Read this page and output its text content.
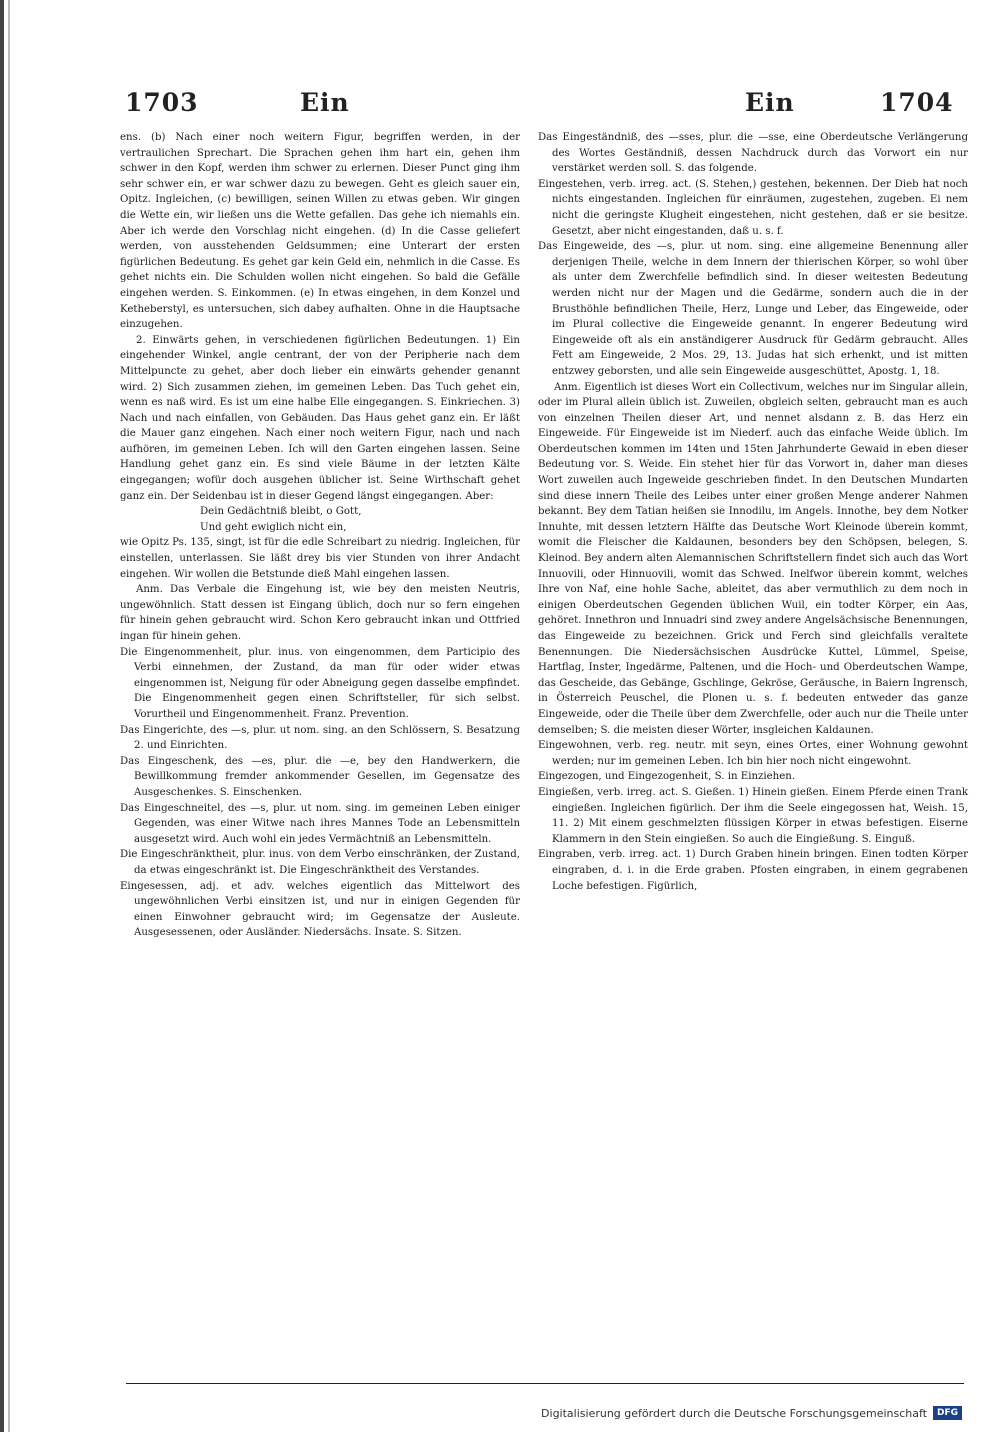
1703	Ein	Ein	1704

ens. (b) Nach einer noch weitern Figur, begriffen werden, in der vertraulichen Sprechart. Die Sprachen gehen ihm hart ein, gehen ihm schwer in den Kopf, werden ihm schwer zu erlernen. Dieser Punct ging ihm sehr schwer ein, er war schwer dazu zu bewegen. Geht es gleich sauer ein, Opitz. Ingleichen, (c) bewilligen, seinen Willen zu etwas geben. Wir gingen die Wette ein, wir ließen uns die Wette gefallen. Das gehe ich niemahls ein. Aber ich werde den Vorschlag nicht eingehen. (d) In die Casse geliefert werden, von ausstehenden Geldsummen; eine Unterart der ersten figürlichen Bedeutung. Es gehet gar kein Geld ein, nehmlich in die Casse. Es gehet nichts ein. Die Schulden wollen nicht eingehen. So bald die Gefälle eingehen werden. S. Einkommen. (e) In etwas eingehen, in dem Konzel und Ketheberstyl, es untersuchen, sich dabey aufhalten. Ohne in die Hauptsache einzugehen.

2. Einwärts gehen, in verschiedenen figürlichen Bedeutungen. 1) Ein eingehender Winkel, angle centrant, der von der Peripherie nach dem Mittelpuncte zu gehet, aber doch lieber ein einwärts gehender genannt wird. 2) Sich zusammen ziehen, im gemeinen Leben. Das Tuch gehet ein, wenn es naß wird. Es ist um eine halbe Elle eingegangen. S. Einkriechen. 3) Nach und nach einfallen, von Gebäuden. Das Haus gehet ganz ein. Er läßt die Mauer ganz eingehen. Nach einer noch weitern Figur, nach und nach aufhören, im gemeinen Leben. Ich will den Garten eingehen lassen. Seine Handlung gehet ganz ein. Es sind viele Bäume in der letzten Kälte eingegangen; wofür doch ausgehen üblicher ist. Seine Wirthschaft gehet ganz ein. Der Seidenbau ist in dieser Gegend längst eingegangen. Aber:

Dein Gedächtniß bleibt, o Gott,
Und geht ewiglich nicht ein,

wie Opitz Ps. 135, singt, ist für die edle Schreibart zu niedrig. Ingleichen, für einstellen, unterlassen. Sie läßt drey bis vier Stunden von ihrer Andacht eingehen. Wir wollen die Betstunde dieß Mahl eingehen lassen.

Anm. Das Verbale die Eingehung ist, wie bey den meisten Neutris, ungewöhnlich. Statt dessen ist Eingang üblich, doch nur so fern eingehen für hinein gehen gebraucht wird. Schon Kero gebraucht inkan und Ottfried ingan für hinein gehen.

Die Eingenommenheit, plur. inus. von eingenommen, dem Participio des Verbi einnehmen, der Zustand, da man für oder wider etwas eingenommen ist, Neigung für oder Abneigung gegen dasselbe empfindet. Die Eingenommenheit gegen einen Schriftsteller, für sich selbst. Vorurtheil und Eingenommenheit. Franz. Prevention.

Das Eingerichte, des —s, plur. ut nom. sing. an den Schlössern, S. Besatzung 2. und Einrichten.

Das Eingeschenk, des —es, plur. die —e, bey den Handwerkern, die Bewillkommung fremder ankommender Gesellen, im Gegensatze des Ausgeschenkes. S. Einschenken.

Das Eingeschneitel, des —s, plur. ut nom. sing. im gemeinen Leben einiger Gegenden, was einer Witwe nach ihres Mannes Tode an Lebensmitteln ausgesetzt wird. Auch wohl ein jedes Vermächtniß an Lebensmitteln.

Die Eingeschränktheit, plur. inus. von dem Verbo einschränken, der Zustand, da etwas eingeschränkt ist. Die Eingeschränktheit des Verstandes.

Eingesessen, adj. et adv. welches eigentlich das Mittelwort des ungewöhnlichen Verbi einsitzen ist, und nur in einigen Gegenden für einen Einwohner gebraucht wird; im Gegensatze der Ausleute. Ausgesessenen, oder Ausländer. Niedersächs. Insate. S. Sitzen.

Das Eingeständniß, des —sses, plur. die —sse, eine Oberdeutsche Verlängerung des Wortes Geständniß, dessen Nachdruck durch das Vorwort ein nur verstärket werden soll. S. das folgende.

Eingestehen, verb. irreg. act. (S. Stehen,) gestehen, bekennen. Der Dieb hat noch nichts eingestanden. Ingleichen für einräumen, zugestehen, zugeben. Ei nem nicht die geringste Klugheit eingestehen, nicht gestehen, daß er sie besitze. Gesetzt, aber nicht eingestanden, daß u. s. f.

Das Eingeweide, des —s, plur. ut nom. sing. eine allgemeine Benennung aller derjenigen Theile, welche in dem Innern der thierischen Körper, so wohl über als unter dem Zwerchfelle befindlich sind. In dieser weitesten Bedeutung werden nicht nur der Magen und die Gedärme, sondern auch die in der Brusthöhle befindlichen Theile, Herz, Lunge und Leber, das Eingeweide, oder im Plural collective die Eingeweide genannt. In engerer Bedeutung wird Eingeweide oft als ein anständigerer Ausdruck für Gedärm gebraucht. Alles Fett am Eingeweide, 2 Mos. 29, 13. Judas hat sich erhenkt, und ist mitten entzwey geborsten, und alle sein Eingeweide ausgeschüttet, Apostg. 1, 18.

Anm. Eigentlich ist dieses Wort ein Collectivum, welches nur im Singular allein, oder im Plural allein üblich ist. Zuweilen, obgleich selten, gebraucht man es auch von einzelnen Theilen dieser Art, und nennet alsdann z. B. das Herz ein Eingeweide. Für Eingeweide ist im Niederf. auch das einfache Weide üblich. Im Oberdeutschen kommen im 14ten und 15ten Jahrhunderte Gewaid in eben dieser Bedeutung vor. S. Weide. Ein stehet hier für das Vorwort in, daher man dieses Wort zuweilen auch Ingeweide geschrieben findet. In den Deutschen Mundarten sind diese innern Theile des Leibes unter einer großen Menge anderer Nahmen bekannt. Bey dem Tatian heißen sie Innodilu, im Angels. Innothe, bey dem Notker Innuhte, mit dessen letztern Hälfte das Deutsche Wort Kleinode überein kommt, womit die Fleischer die Kaldaunen, besonders bey den Schöpsen, belegen, S. Kleinod. Bey andern alten Alemannischen Schriftstellern findet sich auch das Wort Innuovili, oder Hinnuovili, womit das Schwed. Inelfwor überein kommt, welches Ihre von Naf, eine hohle Sache, ableitet, das aber vermuthlich zu dem noch in einigen Oberdeutschen Gegenden üblichen Wuil, ein todter Körper, ein Aas, gehöret. Innethron und Innuadri sind zwey andere Angelsächsische Benennungen, das Eingeweide zu bezeichnen. Grick und Ferch sind gleichfalls veraltete Benennungen. Die Niedersächsischen Ausdrücke Kuttel, Lümmel, Speise, Hartflag, Inster, Ingedärme, Paltenen, und die Hoch- und Oberdeutschen Wampe, das Gescheide, das Gebänge, Gschlinge, Gekröse, Geräusche, in Baiern Ingrensch, in Österreich Peuschel, die Plonen u. s. f. bedeuten entweder das ganze Eingeweide, oder die Theile über dem Zwerchfelle, oder auch nur die Theile unter demselben; S. die meisten dieser Wörter, insgleichen Kaldaunen.

Eingewohnen, verb. reg. neutr. mit seyn, eines Ortes, einer Wohnung gewohnt werden; nur im gemeinen Leben. Ich bin hier noch nicht eingewohnt.

Eingezogen, und Eingezogenheit, S. in Einziehen.

Eingießen, verb. irreg. act. S. Gießen. 1) Hinein gießen. Einem Pferde einen Trank eingießen. Ingleichen figürlich. Der ihm die Seele eingegossen hat, Weish. 15, 11. 2) Mit einem geschmelzten flüssigen Körper in etwas befestigen. Eiserne Klammern in den Stein eingießen. So auch die Eingießung. S. Einguß.

Eingraben, verb. irreg. act. 1) Durch Graben hinein bringen. Einen todten Körper eingraben, d. i. in die Erde graben. Pfosten eingraben, in einem gegrabenen Loche befestigen. Figürlich,

Digitalisierung gefördert durch die Deutsche Forschungsgemeinschaft	DFG
